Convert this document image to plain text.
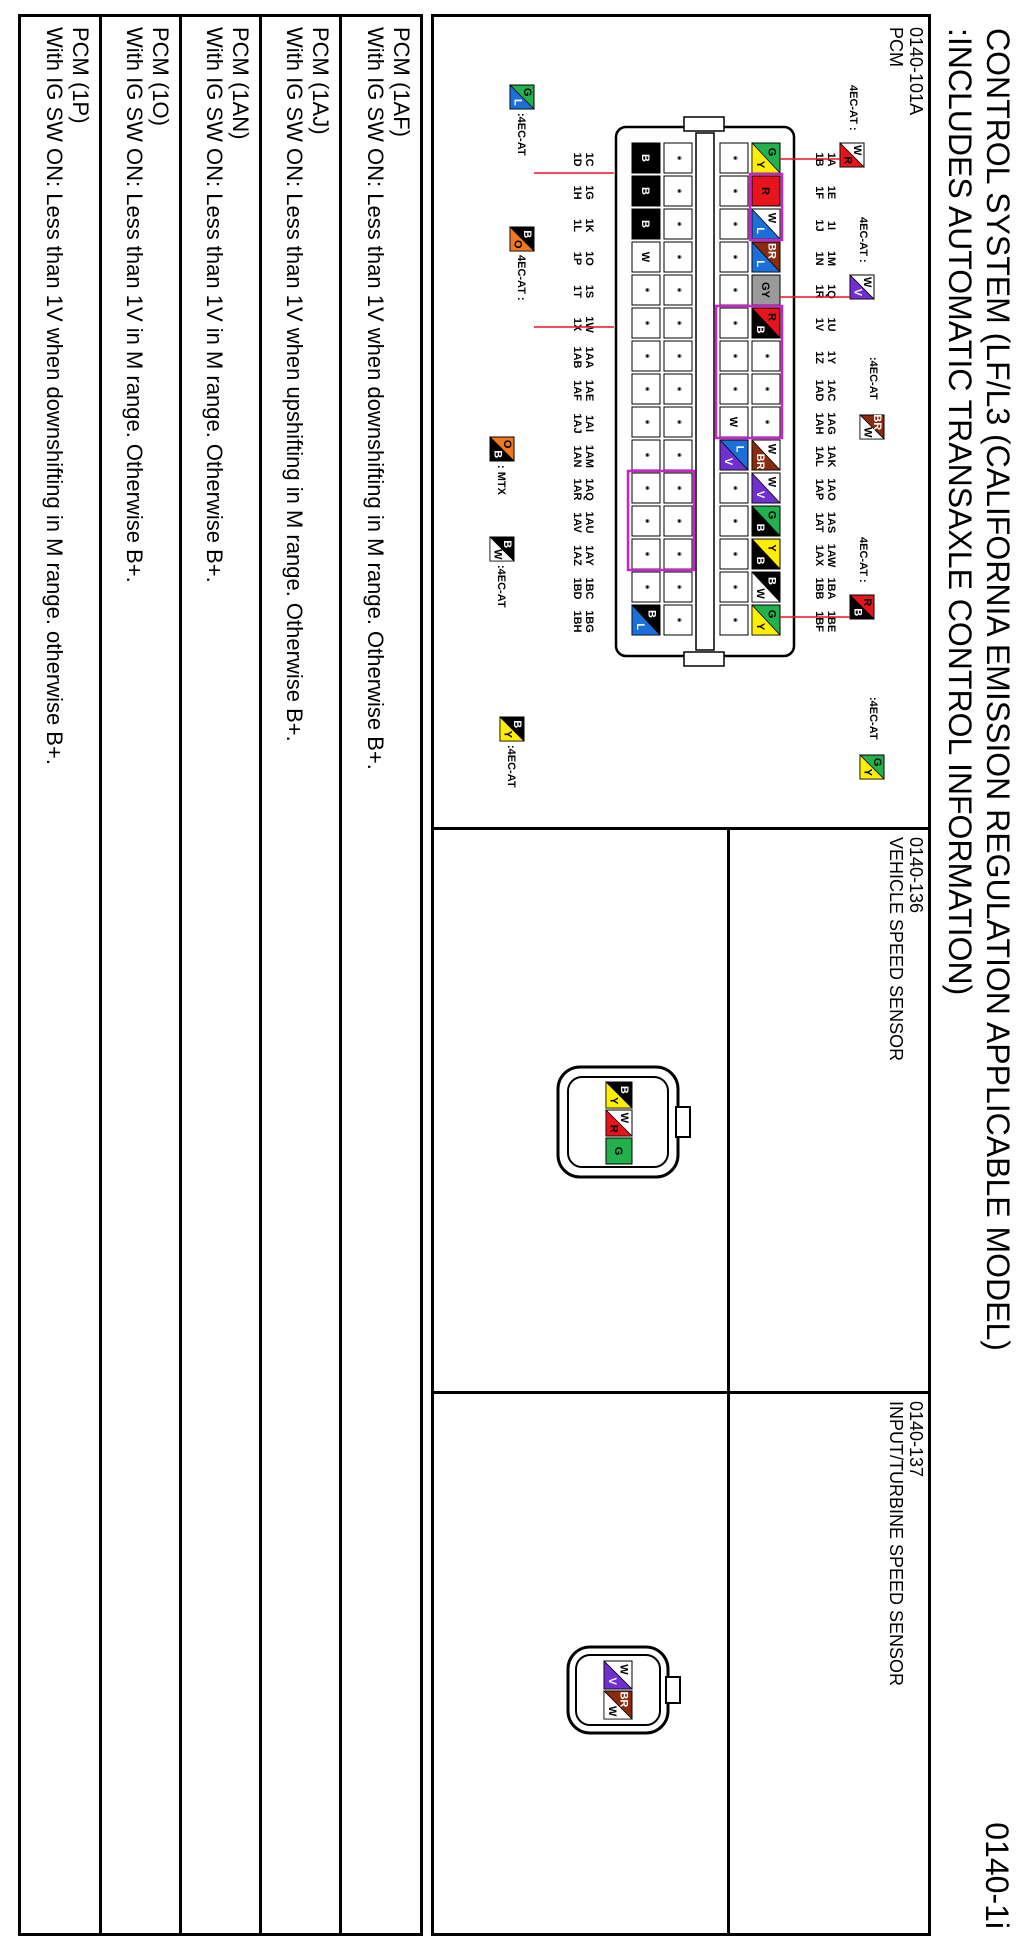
CONTROL SYSTEM (LF/L3 (CALIFORNIA EMISSION REGULATION APPLICABLE MODEL)
:INCLUDES AUTOMATIC TRANSAXLE CONTROL INFORMATION)
0140-1i
0140-101A
PCM
0140-136
VEHICLE SPEED SENSOR
0140-137
INPUT/TURBINE SPEED SENSOR
1A
1E
1I
1M
1Q
1U
1Y
1AC
1AG
1AK
1AO
1AS
1AW
1BA
1BE
1B
1F
1J
1N
1R
1V
1Z
1AD
1AH
1AL
1AP
1AT
1AX
1BB
1BF
1C
1G
1K
1O
1S
1W
1AA
1AE
1AI
1AM
1AQ
1AU
1AY
1BC
1BG
1D
1H
1L
1P
1T
1X
1AB
1AF
1AJ
1AN
1AR
1AV
1AZ
1BD
1BH
Y
G
R
L
W
L
BR
GY
B
R
*
*
*
BR
W
V
W
B
G
B
Y
W
B
Y
G
*
*
*
*
*
*
*
*
W
V
L
*
*
*
*
*
*
*
*
*
*
*
*
*
*
*
*
*
*
*
*
B
B
B
W
*
*
*
*
*
*
*
*
*
*
L
B
4EC-AT :
R
W
4EC-AT :
V
W
:4EC-AT
W
BR
4EC-AT :
B
R
:4EC-AT
Y
G
L
G
:4EC-AT
O
B
4EC-AT :
B
O
: MTX
W
B
:4EC-AT
Y
B
:4EC-AT
Y
B
R
W
G
V
W
W
BR
PCM (1AF)
With IG SW ON: Less than 1V when downshifting in M range. Otherwise B+.
PCM (1AJ)
With IG SW ON: Less than 1V when upshifting in M range. Otherwise B+.
PCM (1AN)
With IG SW ON: Less than 1V in M range. Otherwise B+.
PCM (1O)
With IG SW ON: Less than 1V in M range. Otherwise B+.
PCM (1P)
With IG SW ON: Less than 1V when downshifting in M range. otherwise B+.
